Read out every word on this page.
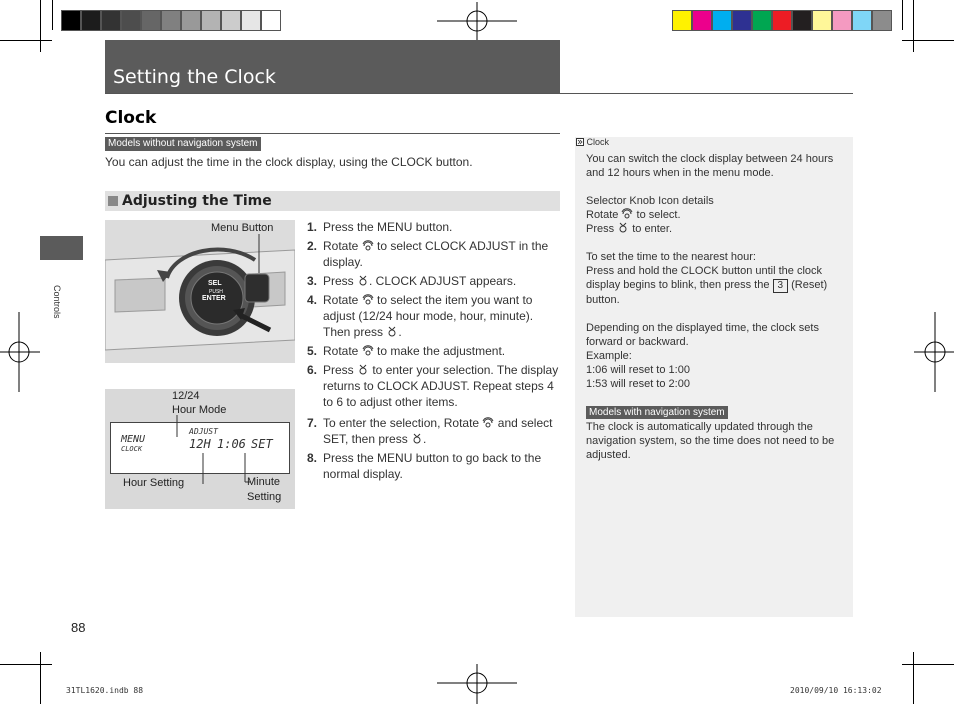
Setting the Clock
Clock
Models without navigation system
You can adjust the time in the clock display, using the CLOCK button.
Adjusting the Time
Controls
Menu Button
SEL
PUSH
ENTER
12/24
Hour Mode
MENU
CLOCK
ADJUST
12H 1:06 SET
Hour Setting	Minute
Setting
1. Press the MENU button.
2. Rotate  to select CLOCK ADJUST in the display.
3. Press . CLOCK ADJUST appears.
4. Rotate  to select the item you want to adjust (12/24 hour mode, hour, minute). Then press .
5. Rotate  to make the adjustment.
6. Press  to enter your selection. The display returns to CLOCK ADJUST. Repeat steps 4 to 6 to adjust other items.
7. To enter the selection, Rotate  and select SET, then press .
8. Press the MENU button to go back to the normal display.
Clock

You can switch the clock display between 24 hours and 12 hours when in the menu mode.

Selector Knob Icon details
Rotate  to select.
Press  to enter.

To set the time to the nearest hour:
Press and hold the CLOCK button until the clock display begins to blink, then press the 3 (Reset) button.

Depending on the displayed time, the clock sets forward or backward.
Example:
1:06 will reset to 1:00
1:53 will reset to 2:00

Models with navigation system

The clock is automatically updated through the navigation system, so the time does not need to be adjusted.

88
31TL1620.indb 88	2010/09/10 16:13:02
